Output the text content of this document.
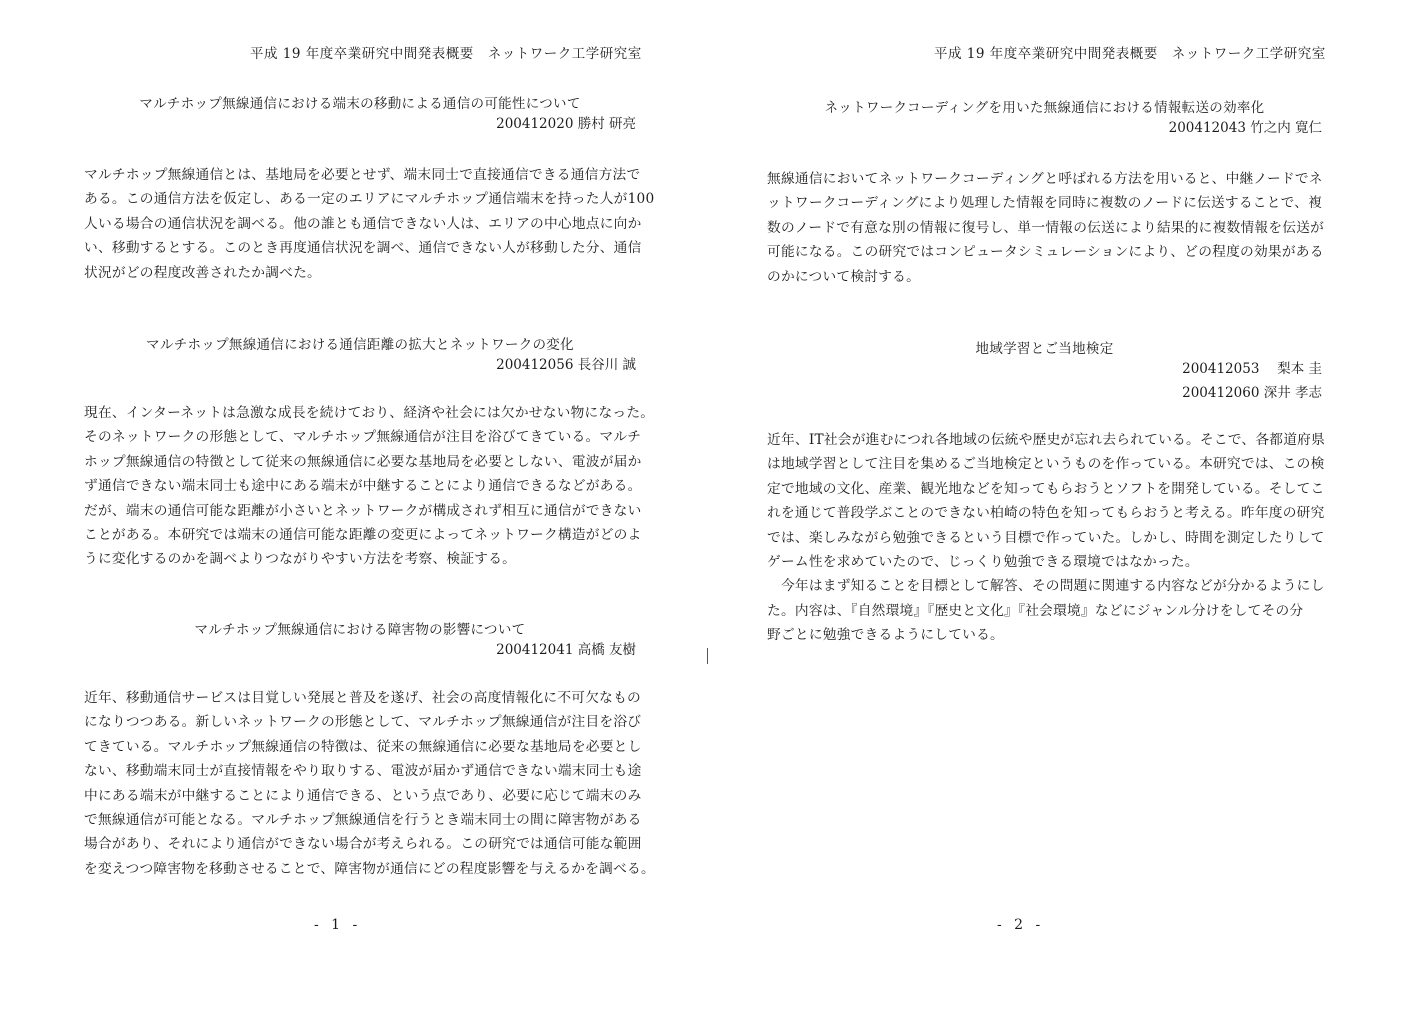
平成 19 年度卒業研究中間発表概要　ネットワーク工学研究室
マルチホップ無線通信における端末の移動による通信の可能性について
200412020 勝村 研亮

マルチホップ無線通信とは、基地局を必要とせず、端末同士で直接通信できる通信方法で

ある。この通信方法を仮定し、ある一定のエリアにマルチホップ通信端末を持った人が100

人いる場合の通信状況を調べる。他の誰とも通信できない人は、エリアの中心地点に向か

い、移動するとする。このとき再度通信状況を調べ、通信できない人が移動した分、通信

状況がどの程度改善されたか調べた。

マルチホップ無線通信における通信距離の拡大とネットワークの変化
200412056 長谷川 誠

現在、インターネットは急激な成長を続けており、経済や社会には欠かせない物になった。

そのネットワークの形態として、マルチホップ無線通信が注目を浴びてきている。マルチ

ホップ無線通信の特徴として従来の無線通信に必要な基地局を必要としない、電波が届か

ず通信できない端末同士も途中にある端末が中継することにより通信できるなどがある。

だが、端末の通信可能な距離が小さいとネットワークが構成されず相互に通信ができない

ことがある。本研究では端末の通信可能な距離の変更によってネットワーク構造がどのよ

うに変化するのかを調べよりつながりやすい方法を考察、検証する。

マルチホップ無線通信における障害物の影響について
200412041 高橋 友樹

近年、移動通信サービスは目覚しい発展と普及を遂げ、社会の高度情報化に不可欠なもの

になりつつある。新しいネットワークの形態として、マルチホップ無線通信が注目を浴び

てきている。マルチホップ無線通信の特徴は、従来の無線通信に必要な基地局を必要とし

ない、移動端末同士が直接情報をやり取りする、電波が届かず通信できない端末同士も途

中にある端末が中継することにより通信できる、という点であり、必要に応じて端末のみ

で無線通信が可能となる。マルチホップ無線通信を行うとき端末同士の間に障害物がある

場合があり、それにより通信ができない場合が考えられる。この研究では通信可能な範囲

を変えつつ障害物を移動させることで、障害物が通信にどの程度影響を与えるかを調べる。

- 1 -
平成 19 年度卒業研究中間発表概要　ネットワーク工学研究室
ネットワークコーディングを用いた無線通信における情報転送の効率化
200412043 竹之内 寛仁

無線通信においてネットワークコーディングと呼ばれる方法を用いると、中継ノードでネ

ットワークコーディングにより処理した情報を同時に複数のノードに伝送することで、複

数のノードで有意な別の情報に復号し、単一情報の伝送により結果的に複数情報を伝送が

可能になる。この研究ではコンピュータシミュレーションにより、どの程度の効果がある

のかについて検討する。

地域学習とご当地検定
200412053　 梨本 圭
200412060 深井 孝志

近年、IT社会が進むにつれ各地域の伝統や歴史が忘れ去られている。そこで、各都道府県

は地域学習として注目を集めるご当地検定というものを作っている。本研究では、この検

定で地域の文化、産業、観光地などを知ってもらおうとソフトを開発している。そしてこ

れを通じて普段学ぶことのできない柏崎の特色を知ってもらおうと考える。昨年度の研究

では、楽しみながら勉強できるという目標で作っていた。しかし、時間を測定したりして

ゲーム性を求めていたので、じっくり勉強できる環境ではなかった。

　今年はまず知ることを目標として解答、その問題に関連する内容などが分かるようにし

た。内容は、『自然環境』『歴史と文化』『社会環境』などにジャンル分けをしてその分

野ごとに勉強できるようにしている。

- 2 -
